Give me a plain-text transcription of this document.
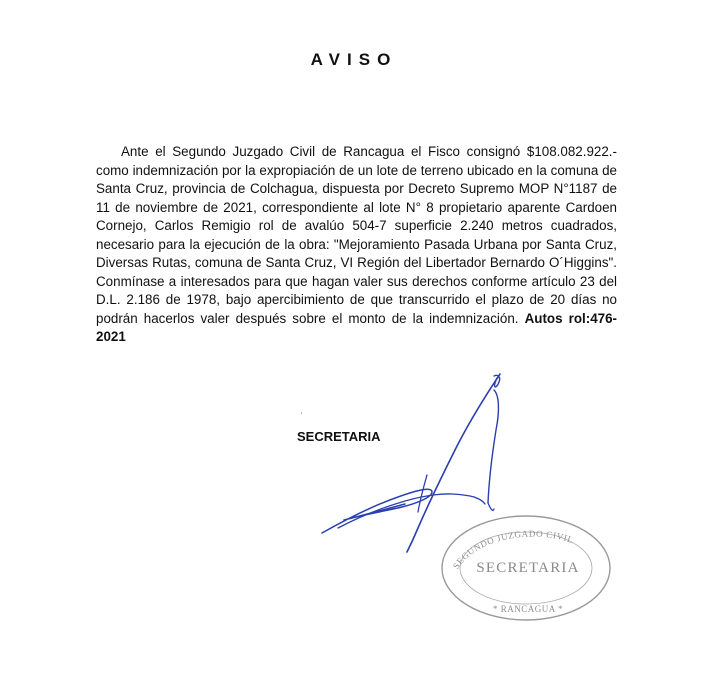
AVISO

Ante el Segundo Juzgado Civil de Rancagua el Fisco consignó $108.082.922.- como indemnización por la expropiación de un lote de terreno ubicado en la comuna de Santa Cruz, provincia de Colchagua, dispuesta por Decreto Supremo MOP N°1187 de 11 de noviembre de 2021, correspondiente al lote N° 8 propietario aparente Cardoen Cornejo, Carlos Remigio rol de avalúo 504-7 superficie 2.240 metros cuadrados, necesario para la ejecución de la obra: "Mejoramiento Pasada Urbana por Santa Cruz, Diversas Rutas, comuna de Santa Cruz, VI Región del Libertador Bernardo O´Higgins". Conmínase a interesados para que hagan valer sus derechos conforme artículo 23 del D.L. 2.186 de 1978, bajo apercibimiento de que transcurrido el plazo de 20 días no podrán hacerlos valer después sobre el monto de la indemnización. Autos rol:476-2021

'
SECRETARIA
SEGUNDO JUZGADO CIVIL
SECRETARIA
* RANCAGUA *
